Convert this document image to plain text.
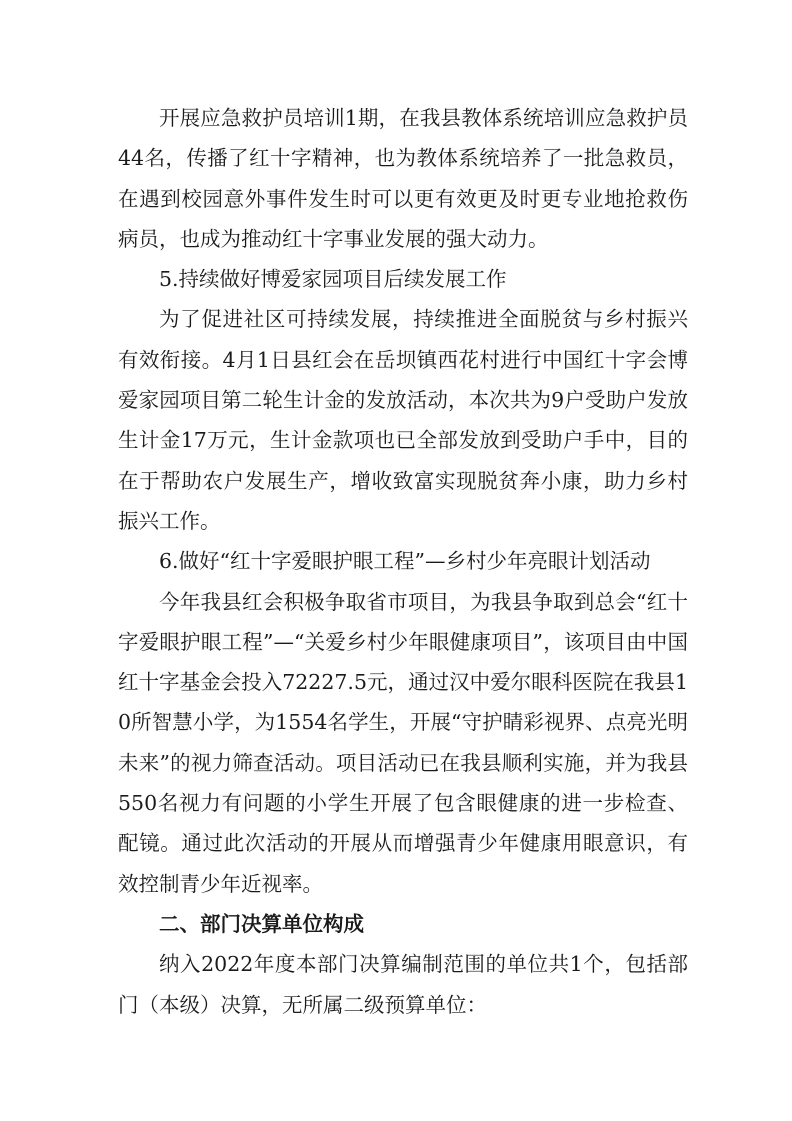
开展应急救护员培训1期，在我县教体系统培训应急救护员44名，传播了红十字精神，也为教体系统培养了一批急救员，在遇到校园意外事件发生时可以更有效更及时更专业地抢救伤病员，也成为推动红十字事业发展的强大动力。

5.持续做好博爱家园项目后续发展工作

为了促进社区可持续发展，持续推进全面脱贫与乡村振兴有效衔接。4月1日县红会在岳坝镇西花村进行中国红十字会博爱家园项目第二轮生计金的发放活动，本次共为9户受助户发放生计金17万元，生计金款项也已全部发放到受助户手中，目的在于帮助农户发展生产，增收致富实现脱贫奔小康，助力乡村振兴工作。

6.做好“红十字爱眼护眼工程”—乡村少年亮眼计划活动

今年我县红会积极争取省市项目，为我县争取到总会“红十字爱眼护眼工程”—“关爱乡村少年眼健康项目”，该项目由中国红十字基金会投入72227.5元，通过汉中爱尔眼科医院在我县10所智慧小学，为1554名学生，开展“守护睛彩视界、点亮光明未来”的视力筛查活动。项目活动已在我县顺利实施，并为我县550名视力有问题的小学生开展了包含眼健康的进一步检查、配镜。通过此次活动的开展从而增强青少年健康用眼意识，有效控制青少年近视率。

二、部门决算单位构成

纳入2022年度本部门决算编制范围的单位共1个，包括部门（本级）决算，无所属二级预算单位：
